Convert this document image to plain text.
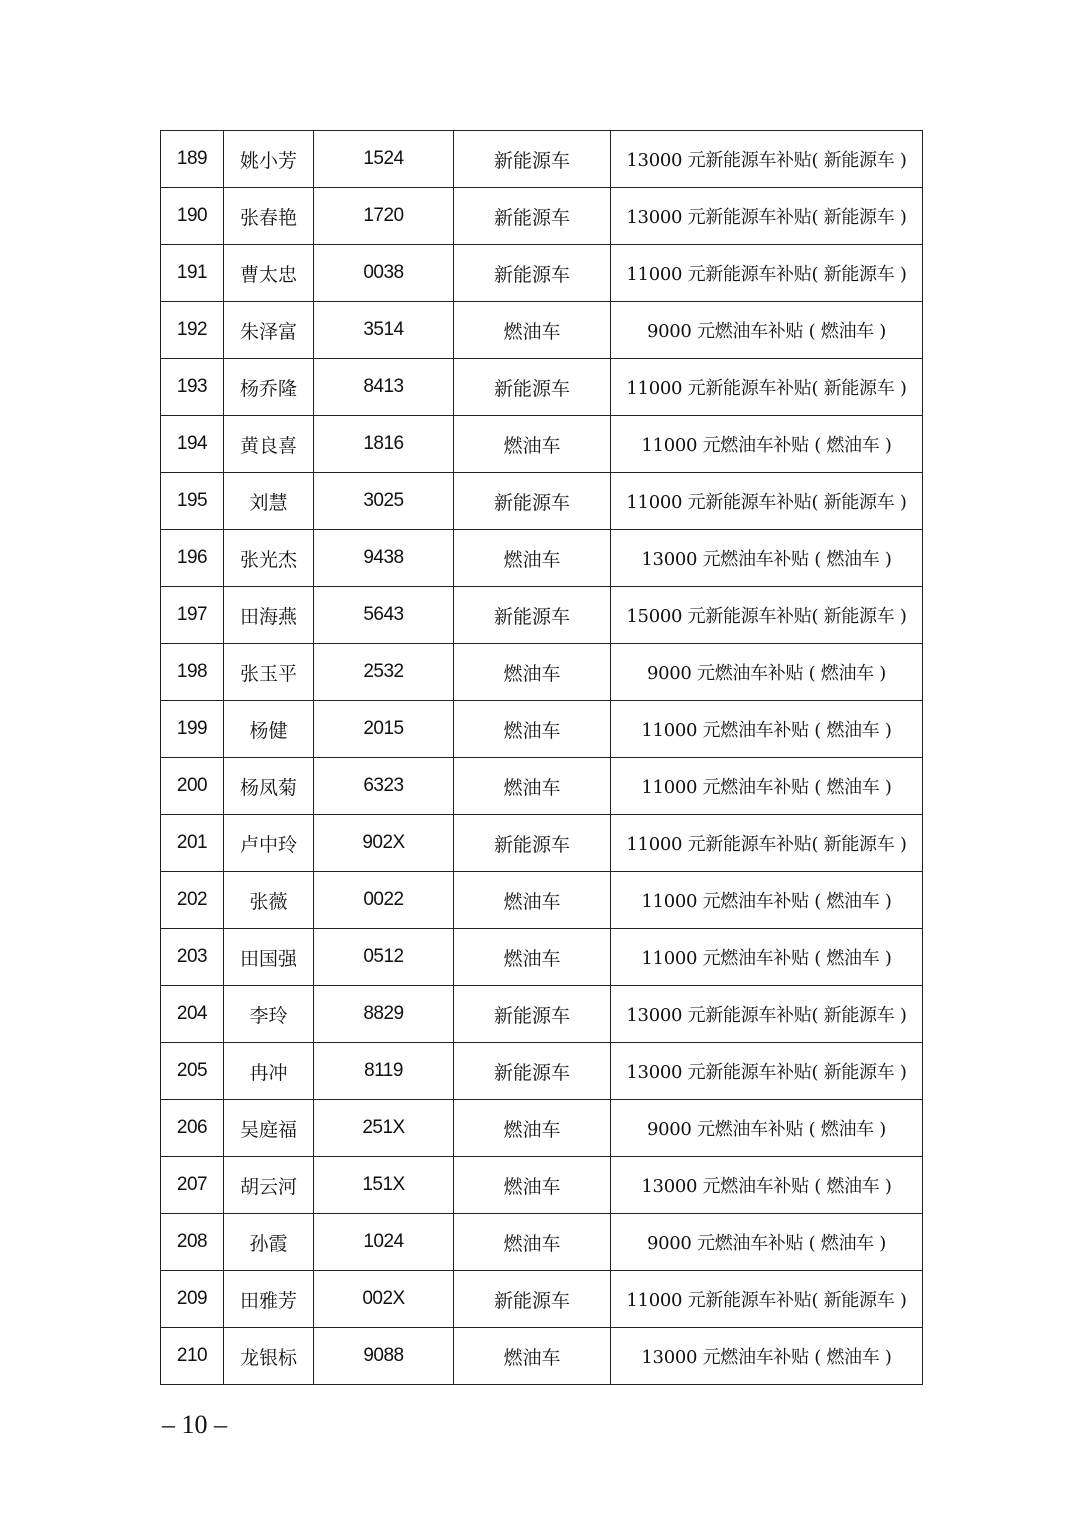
189	姚小芳	1524	新能源车	13000 元新能源车补贴( 新能源车 )
190	张春艳	1720	新能源车	13000 元新能源车补贴( 新能源车 )
191	曹太忠	0038	新能源车	11000 元新能源车补贴( 新能源车 )
192	朱泽富	3514	燃油车	9000 元燃油车补贴 ( 燃油车 )
193	杨乔隆	8413	新能源车	11000 元新能源车补贴( 新能源车 )
194	黄良喜	1816	燃油车	11000 元燃油车补贴 ( 燃油车 )
195	刘慧	3025	新能源车	11000 元新能源车补贴( 新能源车 )
196	张光杰	9438	燃油车	13000 元燃油车补贴 ( 燃油车 )
197	田海燕	5643	新能源车	15000 元新能源车补贴( 新能源车 )
198	张玉平	2532	燃油车	9000 元燃油车补贴 ( 燃油车 )
199	杨健	2015	燃油车	11000 元燃油车补贴 ( 燃油车 )
200	杨凤菊	6323	燃油车	11000 元燃油车补贴 ( 燃油车 )
201	卢中玲	902X	新能源车	11000 元新能源车补贴( 新能源车 )
202	张薇	0022	燃油车	11000 元燃油车补贴 ( 燃油车 )
203	田国强	0512	燃油车	11000 元燃油车补贴 ( 燃油车 )
204	李玲	8829	新能源车	13000 元新能源车补贴( 新能源车 )
205	冉冲	8119	新能源车	13000 元新能源车补贴( 新能源车 )
206	吴庭福	251X	燃油车	9000 元燃油车补贴 ( 燃油车 )
207	胡云河	151X	燃油车	13000 元燃油车补贴 ( 燃油车 )
208	孙霞	1024	燃油车	9000 元燃油车补贴 ( 燃油车 )
209	田雅芳	002X	新能源车	11000 元新能源车补贴( 新能源车 )
210	龙银标	9088	燃油车	13000 元燃油车补贴 ( 燃油车 )
– 10 –
